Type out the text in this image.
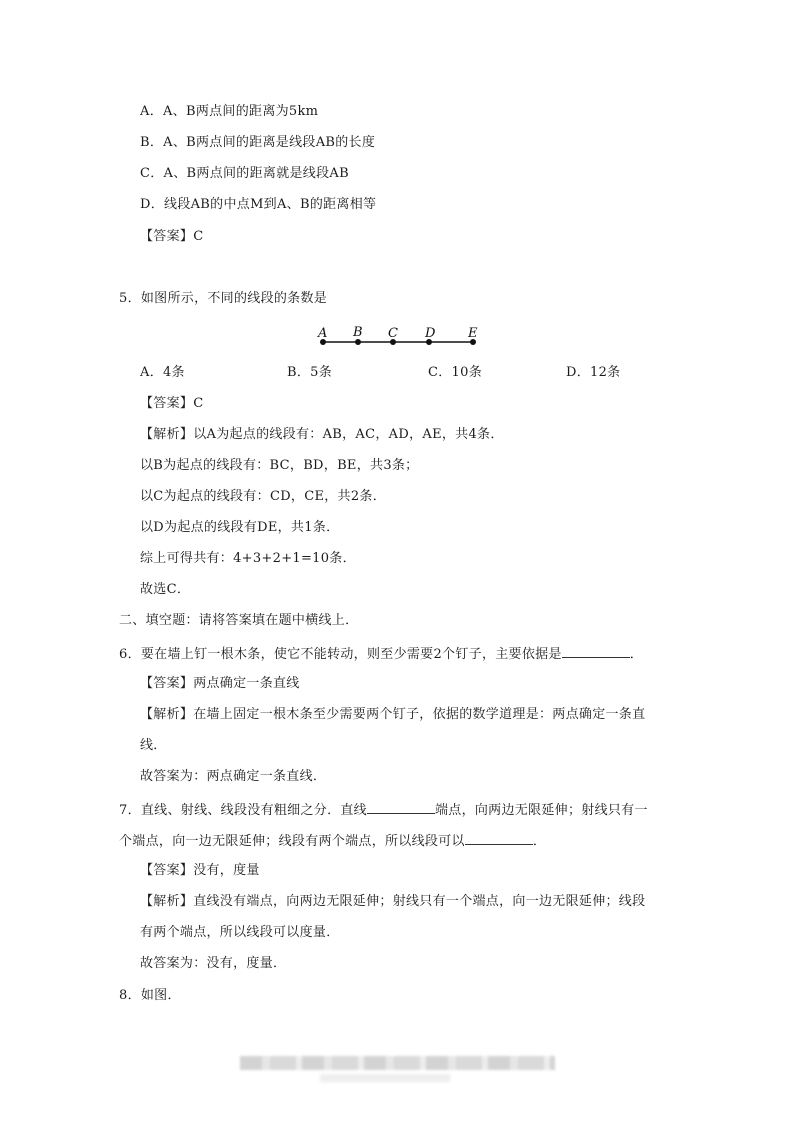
A．A、B两点间的距离为5km
B．A、B两点间的距离是线段AB的长度
C．A、B两点间的距离就是线段AB
D．线段AB的中点M到A、B的距离相等
【答案】C
5．如图所示，不同的线段的条数是
A B C D	E
A．4条	B．5条	C．10条	D．12条
【答案】C
【解析】以A为起点的线段有：AB，AC，AD，AE，共4条．
以B为起点的线段有：BC，BD，BE，共3条；
以C为起点的线段有：CD，CE，共2条．
以D为起点的线段有DE，共1条．
综上可得共有：4+3+2+1=10条．
故选C．
二、填空题：请将答案填在题中横线上．
6．要在墙上钉一根木条，使它不能转动，则至少需要2个钉子，主要依据是	．
【答案】两点确定一条直线
【解析】在墙上固定一根木条至少需要两个钉子，依据的数学道理是：两点确定一条直
线．
故答案为：两点确定一条直线．
7．直线、射线、线段没有粗细之分．直线	端点，向两边无限延伸；射线只有一
个端点，向一边无限延伸；线段有两个端点，所以线段可以	．
【答案】没有，度量
【解析】直线没有端点，向两边无限延伸；射线只有一个端点，向一边无限延伸；线段
有两个端点，所以线段可以度量．
故答案为：没有，度量．
8．如图．
